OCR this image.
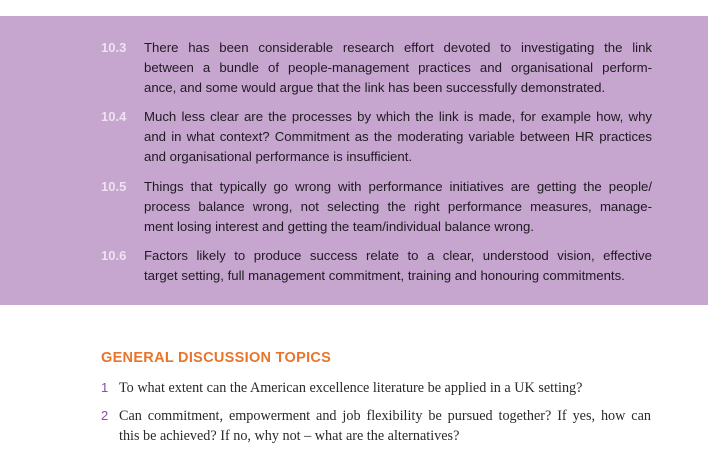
10.3 There has been considerable research effort devoted to investigating the link
between a bundle of people-management practices and organisational perform-
ance, and some would argue that the link has been successfully demonstrated.
10.4 Much less clear are the processes by which the link is made, for example how, why
and in what context? Commitment as the moderating variable between HR practices
and organisational performance is insufficient.
10.5 Things that typically go wrong with performance initiatives are getting the people/
process balance wrong, not selecting the right performance measures, manage-
ment losing interest and getting the team/individual balance wrong.
10.6 Factors likely to produce success relate to a clear, understood vision, effective
target setting, full management commitment, training and honouring commitments.
GENERAL DISCUSSION TOPICS
1 To what extent can the American excellence literature be applied in a UK setting?
2 Can commitment, empowerment and job flexibility be pursued together? If yes, how can
this be achieved? If no, why not – what are the alternatives?
